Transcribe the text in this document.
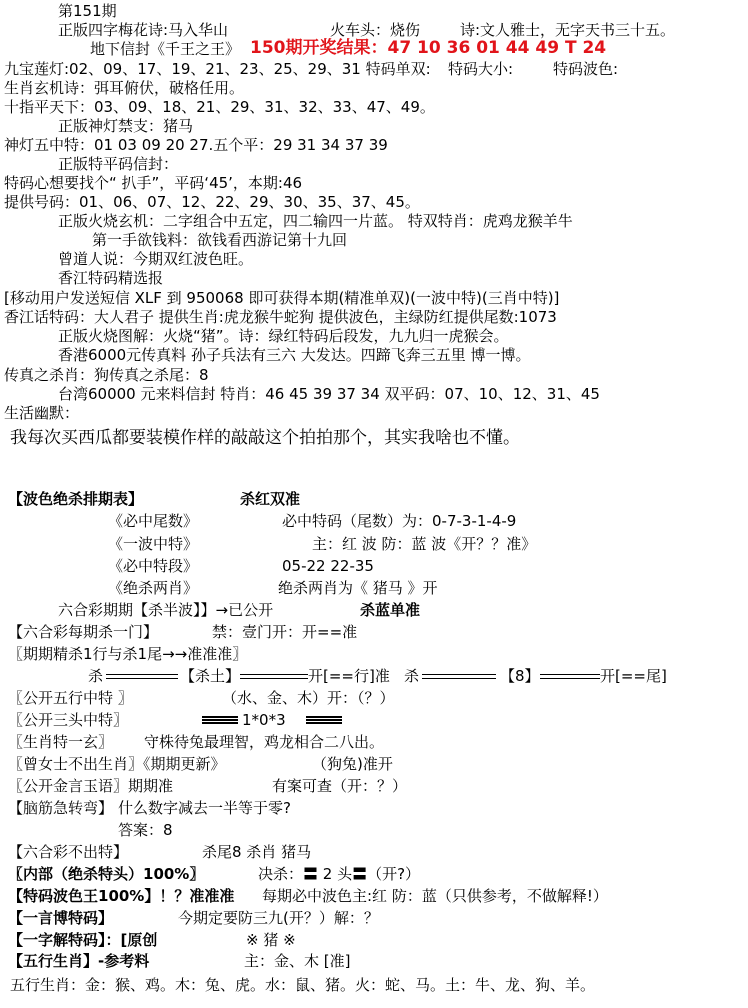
第151期
正版四字梅花诗:马入华山	火车头：烧伤	诗:文人雅士，无字天书三十五。
地下信封《千王之王》 150期开奖结果：47 10 36 01 44 49 T 24
九宝莲灯:02、09、17、19、21、23、25、29、31 特码单双: 特码大小:	特码波色:
生肖玄机诗：弭耳俯伏，破格任用。
十指平天下：03、09、18、21、29、31、32、33、47、49。
正版神灯禁支：猪马
神灯五中特：01 03 09 20 27.五个平：29 31 34 37 39
正版特平码信封：
特码心想要找个“ 扒手”，平码‘45’，本期:46
提供号码：01、06、07、12、22、29、30、35、37、45。
正版火烧玄机：二字组合中五定，四二输四一片蓝。 特双特肖：虎鸡龙猴羊牛
第一手欲钱料：欲钱看西游记第十九回
曾道人说：今期双红波色旺。
香江特码精选报
[移动用户发送短信 XLF 到 950068 即可获得本期(精准单双)(一波中特)(三肖中特)]
香江话特码：大人君子 提供生肖:虎龙猴牛蛇狗 提供波色，主绿防红提供尾数:1073
正版火烧图解：火烧“猪”。诗：绿红特码后段发，九九归一虎猴会。
香港6000元传真料 孙子兵法有三六 大发达。四蹄飞奔三五里 博一博。
传真之杀肖：狗传真之杀尾：8
台湾60000 元来料信封 特肖：46 45 39 37 34 双平码：07、10、12、31、45
生活幽默：
我每次买西瓜都要装模作样的敲敲这个拍拍那个，其实我啥也不懂。
【波色绝杀排期表】	杀红双准
《必中尾数》	必中特码（尾数）为：0-7-3-1-4-9
《一波中特》	主：红 波 防：蓝 波《开？？准》
《必中特段》	05-22 22-35
《绝杀两肖》	绝杀两肖为《 猪马 》开
六合彩期期【杀半波】】→已公开	杀蓝单准
【六合彩每期杀一门】	禁：壹门开：开==准
〖期期精杀1行与杀1尾→→准准准〗
杀	【杀土】	开[==行]准 杀	【8】	开[==尾]
〖公开五行中特 〗	（水、金、木）开：（？）
〖公开三头中特〗	1*0*3
〖生肖特一玄〗 守株待兔最理智，鸡龙相合二八出。
〖曾女士不出生肖〗《期期更新》	（狗兔)准开
〖公开金言玉语〗期期准	有案可查（开：？）
【脑筋急转弯】 什么数字减去一半等于零?
答案：8
【六合彩不出特】	杀尾8 杀肖 猪马
〖内部（绝杀特头）100%〗	决杀：〓 2 头〓（开?）
【特码波色王100%】！？准准准 每期必中波色主:红 防：蓝（只供参考，不做解释!）
【一言博特码】	今期定要防三九(开？）解：？
【一字解特码】：[原创	※ 猪 ※
【五行生肖】-参考料	主：金、木 [准]
五行生肖：金：猴、鸡。木：兔、虎。水：鼠、猪。火：蛇、马。土：牛、龙、狗、羊。
